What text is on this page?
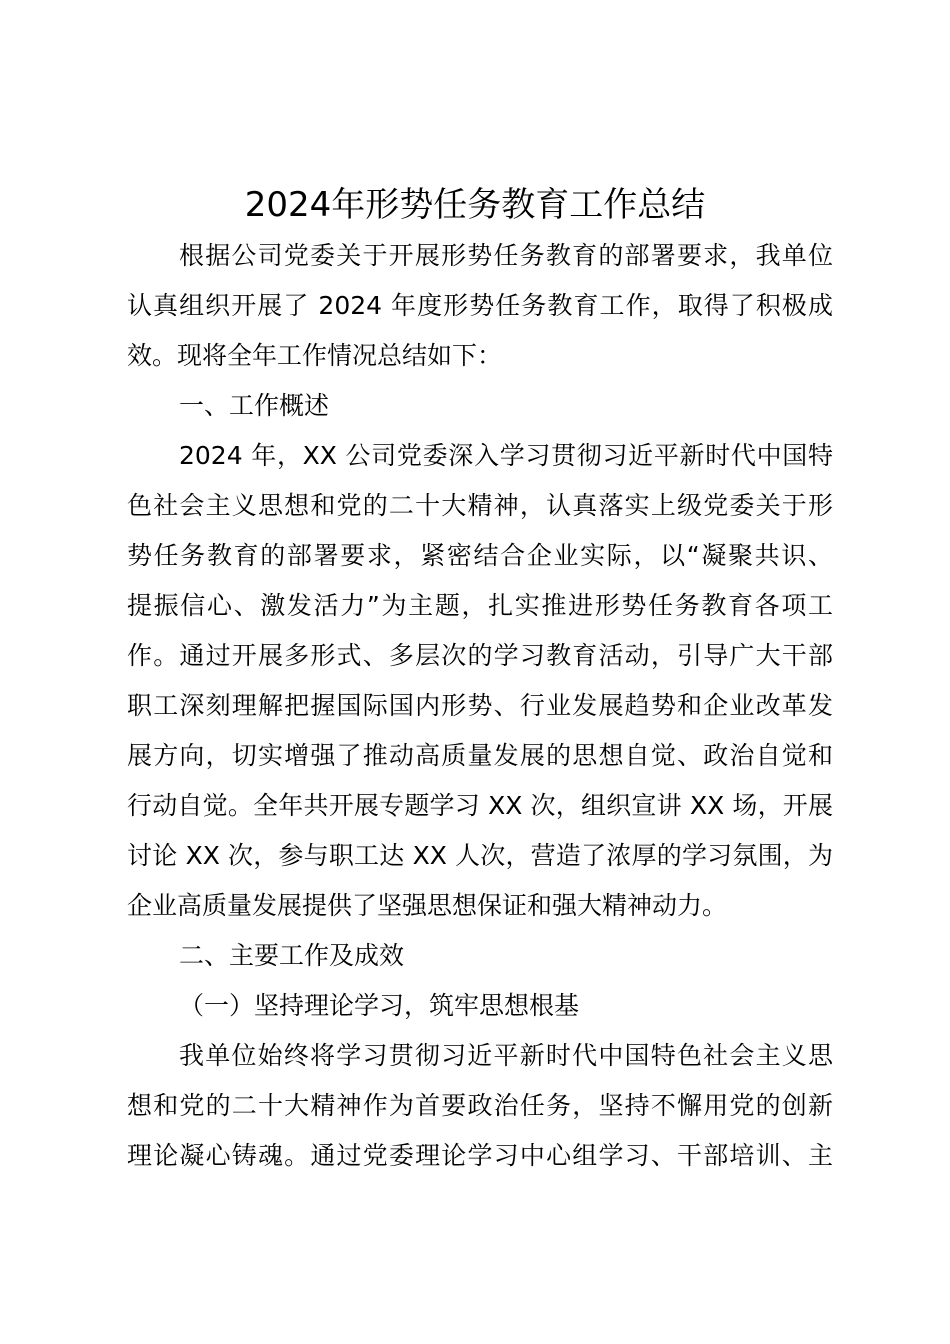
2024年形势任务教育工作总结
根据公司党委关于开展形势任务教育的部署要求，我单位
认真组织开展了 2024 年度形势任务教育工作，取得了积极成
效。现将全年工作情况总结如下：
一、工作概述
2024 年，XX 公司党委深入学习贯彻习近平新时代中国特
色社会主义思想和党的二十大精神，认真落实上级党委关于形
势任务教育的部署要求，紧密结合企业实际，以“凝聚共识、
提振信心、激发活力”为主题，扎实推进形势任务教育各项工
作。通过开展多形式、多层次的学习教育活动，引导广大干部
职工深刻理解把握国际国内形势、行业发展趋势和企业改革发
展方向，切实增强了推动高质量发展的思想自觉、政治自觉和
行动自觉。全年共开展专题学习 XX 次，组织宣讲 XX 场，开展
讨论 XX 次，参与职工达 XX 人次，营造了浓厚的学习氛围，为
企业高质量发展提供了坚强思想保证和强大精神动力。
二、主要工作及成效
（一）坚持理论学习，筑牢思想根基
我单位始终将学习贯彻习近平新时代中国特色社会主义思
想和党的二十大精神作为首要政治任务，坚持不懈用党的创新
理论凝心铸魂。通过党委理论学习中心组学习、干部培训、主
